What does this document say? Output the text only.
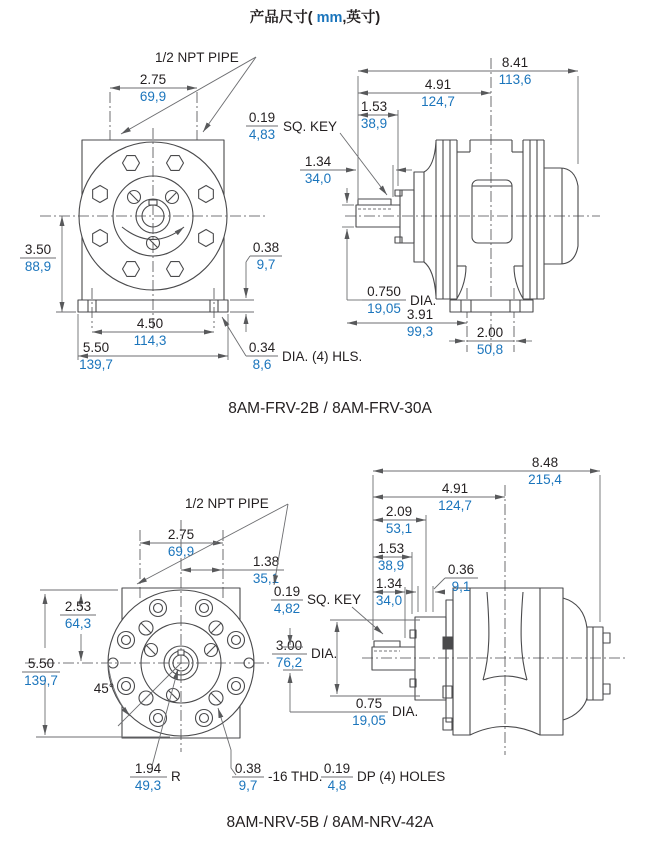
产品尺寸( mm,英寸)
2.75
69,9
1/2 NPT PIPE
0.19
4,83
SQ. KEY
3.50
88,9
0.38
9,7
4.50
114,3
5.50
139,7
0.34
8,6
DIA. (4) HLS.
8.41
113,6
4.91
124,7
1.53
38,9
1.34
34,0
0.750
19,05
DIA.
3.91
99,3	2.00
50,8
8AM-FRV-2B / 8AM-FRV-30A
2.75
69,9
1.38
35,1
1/2 NPT PIPE
2.53
64,3
5.50
139,7
45°
1.94
49,3
R
0.38
9,7
-16 THD.
0.19
4,8
DP (4) HOLES
0.19
4,82
SQ. KEY
8.48
215,4
4.91
124,7
2.09
53,1
1.53
38,9
1.34
34,0
0.36
9,1
3.00
76,2
DIA.
0.75
19,05
DIA.
8AM-NRV-5B / 8AM-NRV-42A
